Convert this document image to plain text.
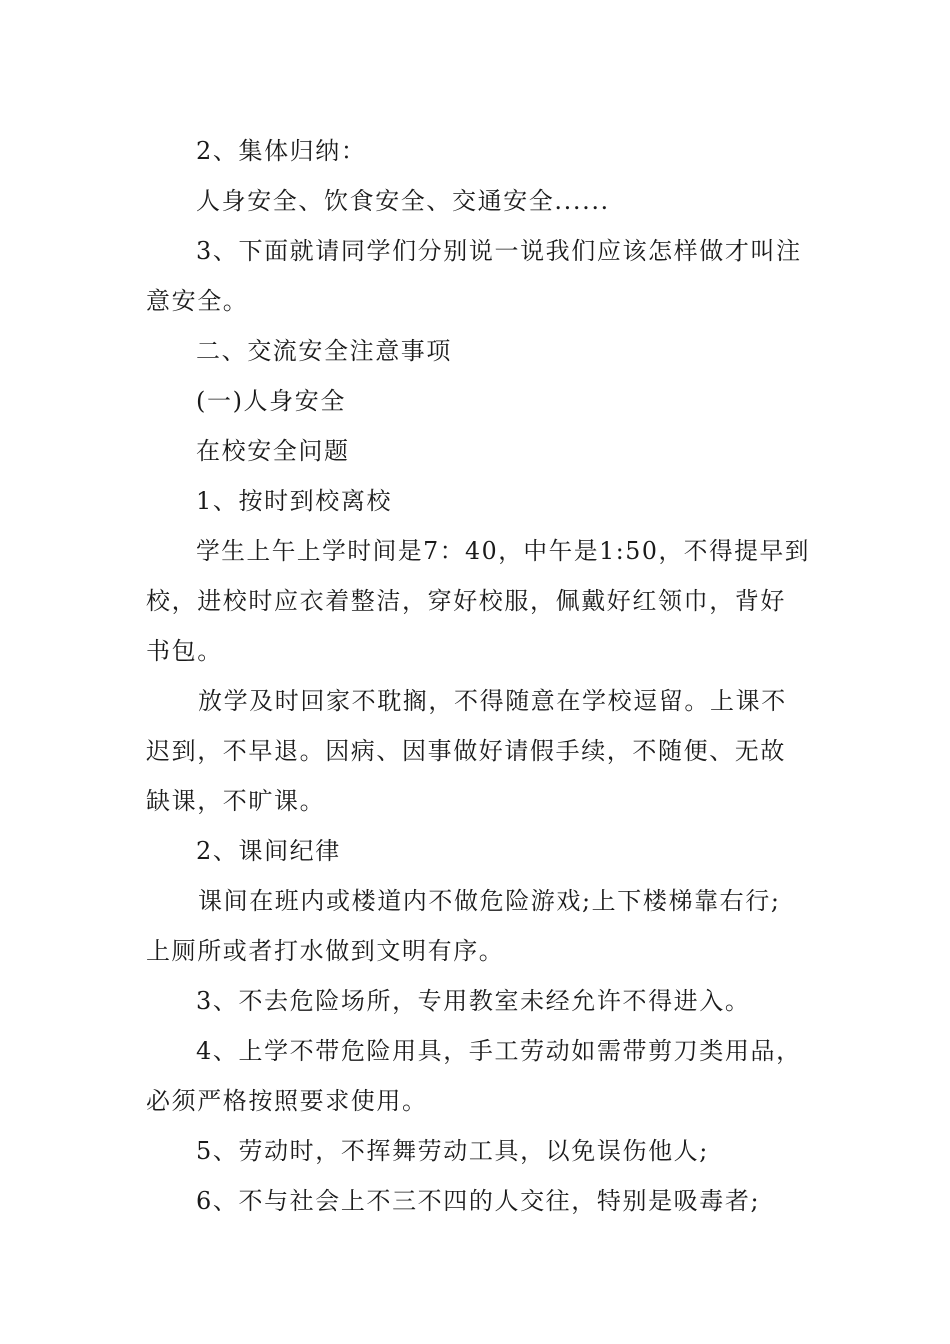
2、集体归纳：
人身安全、饮食安全、交通安全......
3、下面就请同学们分别说一说我们应该怎样做才叫注
意安全。
二、交流安全注意事项
(一)人身安全
在校安全问题
1、按时到校离校
学生上午上学时间是7：40，中午是1:50，不得提早到
校，进校时应衣着整洁，穿好校服，佩戴好红领巾，背好
书包。
放学及时回家不耽搁，不得随意在学校逗留。上课不
迟到，不早退。因病、因事做好请假手续，不随便、无故
缺课，不旷课。
2、课间纪律
课间在班内或楼道内不做危险游戏;上下楼梯靠右行;
上厕所或者打水做到文明有序。
3、不去危险场所，专用教室未经允许不得进入。
4、上学不带危险用具，手工劳动如需带剪刀类用品，
必须严格按照要求使用。
5、劳动时，不挥舞劳动工具，以免误伤他人;
6、不与社会上不三不四的人交往，特别是吸毒者;
